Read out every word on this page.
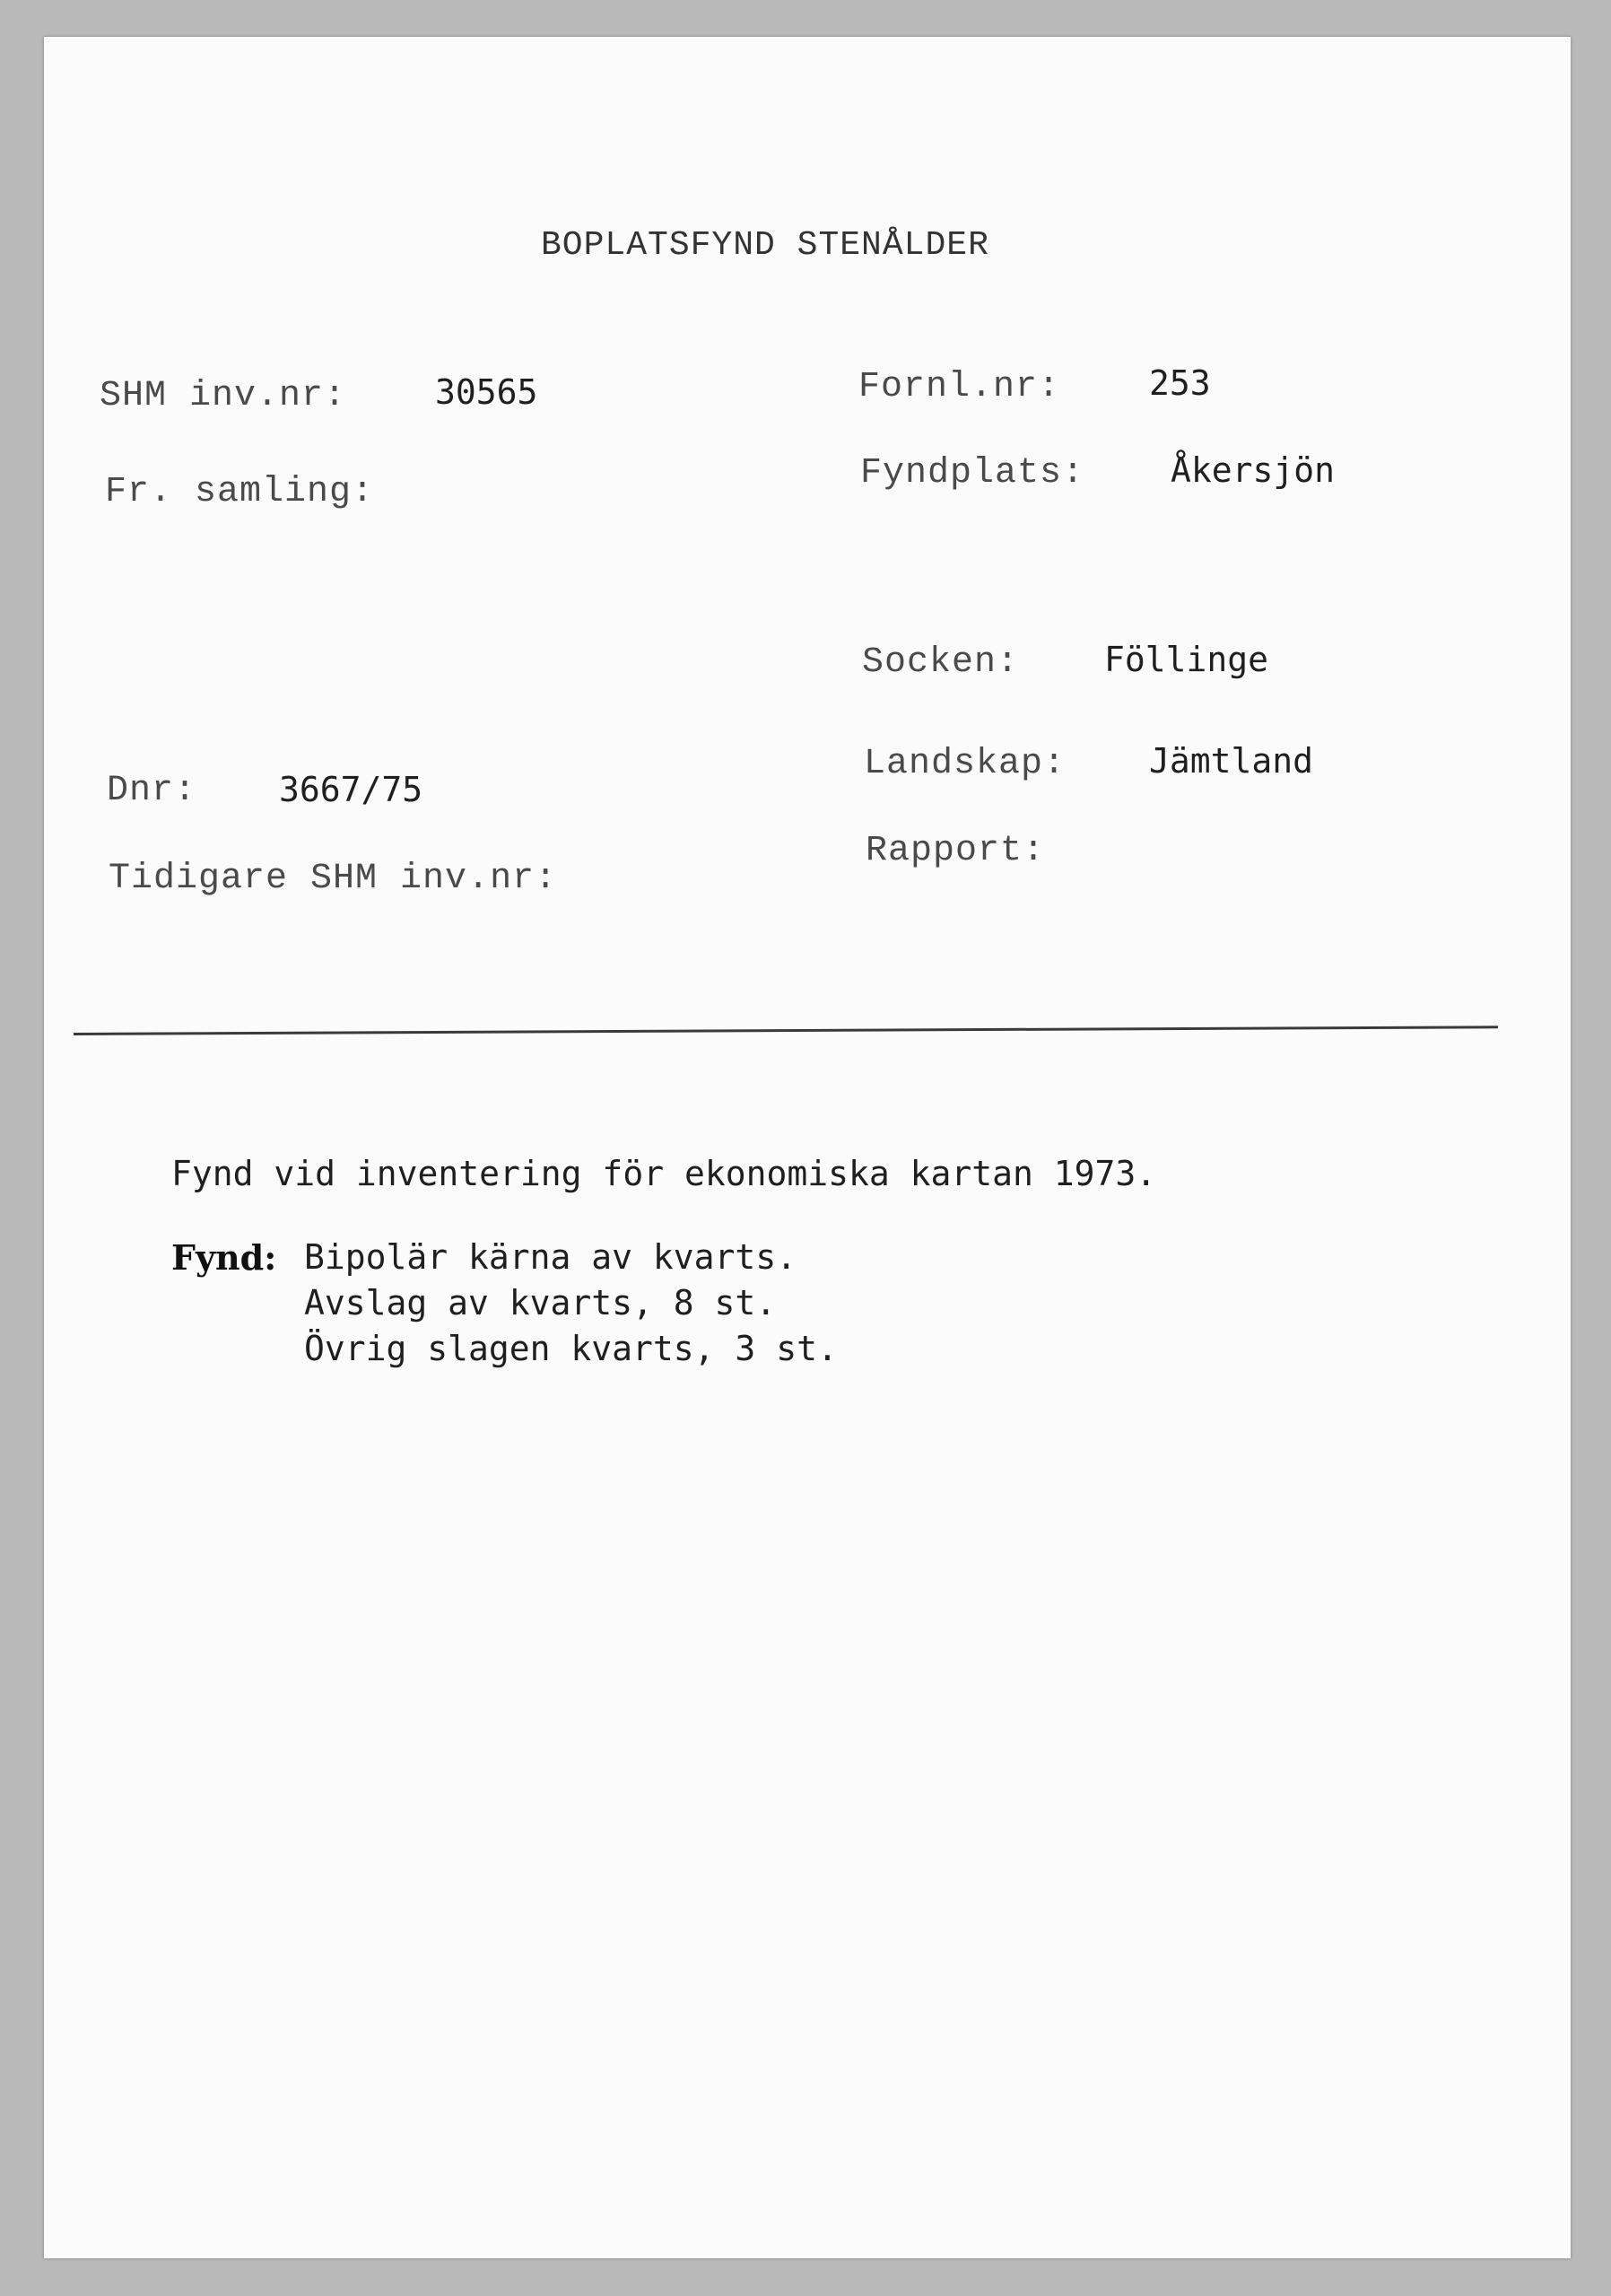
BOPLATSFYND STENÅLDER
SHM inv.nr:	30565
Fr. samling:
Dnr: 3667/75
Tidigare SHM inv.nr:
Fornl.nr:	253
Fyndplats:	Åkersjön
Socken: Föllinge
Landskap: Jämtland
Rapport:
Fynd vid inventering för ekonomiska kartan 1973.
Fynd: Bipolär kärna av kvarts.
Avslag av kvarts, 8 st.
Övrig slagen kvarts, 3 st.
